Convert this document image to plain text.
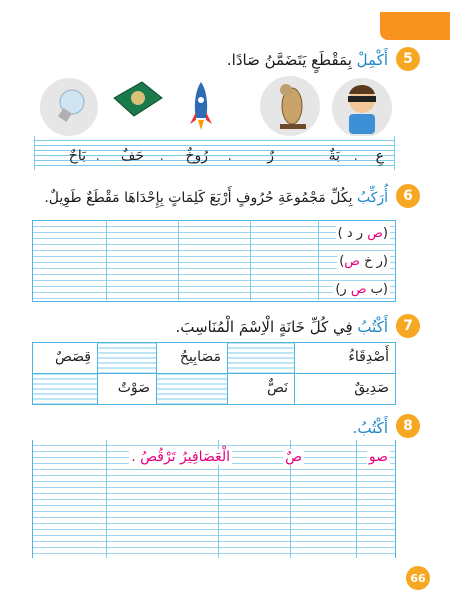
5
أَكْمِلْ بِمَقْطَعٍ يَتَضَمَّنُ صَادًا.
عِ
بَةٌ
رٌ
رُوخٌ
حَفٌ
بَاحٌ	.
.
.
.
6
أُرَكِّبُ بِكُلِّ مَجْمُوعَةِ حُرُوفٍ أَرْبَعَ كَلِمَاتٍ بِإِحْدَاهَا مَقْطَعٌ طَوِيلٌ.
(ص ر د )
(ر خ ص)
(ب ص ر)
7
أَكْتُبُ فِي كُلِّ خَانَةٍ الْاِسْمَ الْمُنَاسِبَ.
أَصْدِقَاءُ		مَصَابِيحُ		قِصَصٌ

صَدِيقٌ	نَصٌّ		صَوْتٌ	

8
أَكْتُبُ.
صو
صٌ
الْعَصَافِيرُ تَرْقُصُ .
66
